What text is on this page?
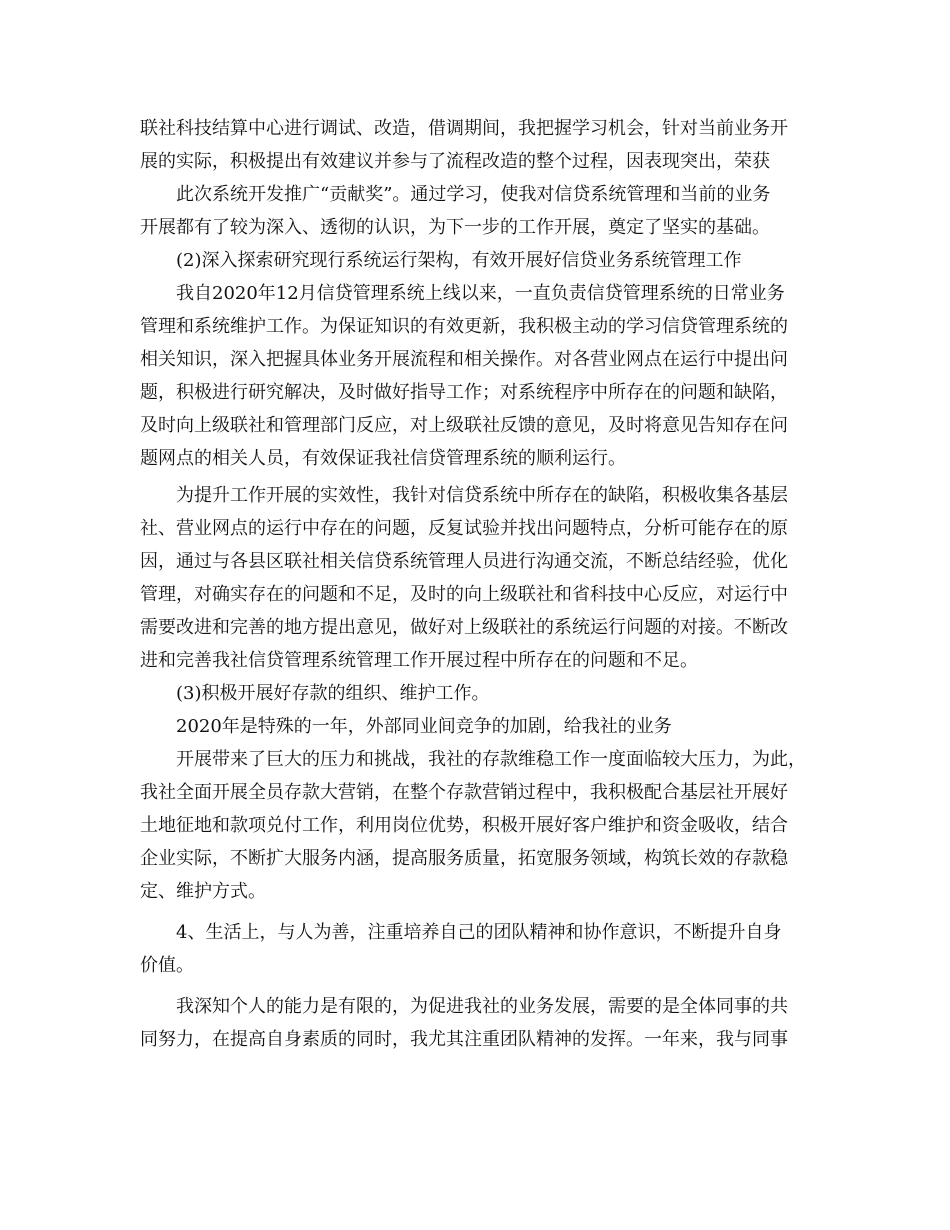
联社科技结算中心进行调试、改造，借调期间，我把握学习机会，针对当前业务开
展的实际，积极提出有效建议并参与了流程改造的整个过程，因表现突出，荣获
此次系统开发推广“贡献奖”。通过学习，使我对信贷系统管理和当前的业务
开展都有了较为深入、透彻的认识，为下一步的工作开展，奠定了坚实的基础。
(2)深入探索研究现行系统运行架构，有效开展好信贷业务系统管理工作
我自2020年12月信贷管理系统上线以来，一直负责信贷管理系统的日常业务
管理和系统维护工作。为保证知识的有效更新，我积极主动的学习信贷管理系统的
相关知识，深入把握具体业务开展流程和相关操作。对各营业网点在运行中提出问
题，积极进行研究解决，及时做好指导工作；对系统程序中所存在的问题和缺陷，
及时向上级联社和管理部门反应，对上级联社反馈的意见，及时将意见告知存在问
题网点的相关人员，有效保证我社信贷管理系统的顺利运行。
为提升工作开展的实效性，我针对信贷系统中所存在的缺陷，积极收集各基层
社、营业网点的运行中存在的问题，反复试验并找出问题特点，分析可能存在的原
因，通过与各县区联社相关信贷系统管理人员进行沟通交流，不断总结经验，优化
管理，对确实存在的问题和不足，及时的向上级联社和省科技中心反应，对运行中
需要改进和完善的地方提出意见，做好对上级联社的系统运行问题的对接。不断改
进和完善我社信贷管理系统管理工作开展过程中所存在的问题和不足。
(3)积极开展好存款的组织、维护工作。
2020年是特殊的一年，外部同业间竞争的加剧，给我社的业务
开展带来了巨大的压力和挑战，我社的存款维稳工作一度面临较大压力，为此，
我社全面开展全员存款大营销，在整个存款营销过程中，我积极配合基层社开展好
土地征地和款项兑付工作，利用岗位优势，积极开展好客户维护和资金吸收，结合
企业实际，不断扩大服务内涵，提高服务质量，拓宽服务领域，构筑长效的存款稳
定、维护方式。
4、生活上，与人为善，注重培养自己的团队精神和协作意识，不断提升自身
价值。
我深知个人的能力是有限的，为促进我社的业务发展，需要的是全体同事的共
同努力，在提高自身素质的同时，我尤其注重团队精神的发挥。一年来，我与同事
